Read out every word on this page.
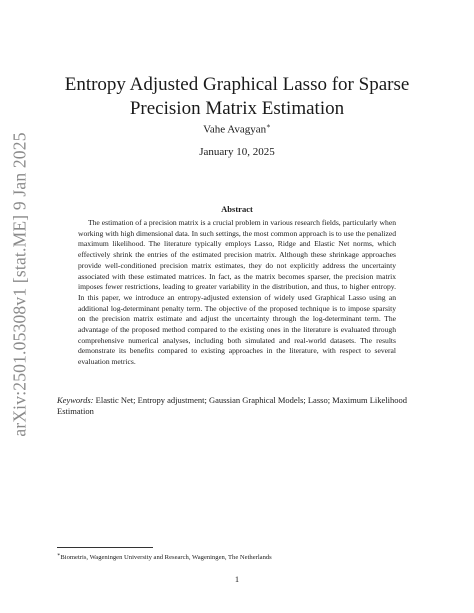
arXiv:2501.05308v1 [stat.ME] 9 Jan 2025
Entropy Adjusted Graphical Lasso for Sparse
Precision Matrix Estimation
Vahe Avagyan∗
January 10, 2025
Abstract

The estimation of a precision matrix is a crucial problem in various research fields, particularly when working with high dimensional data. In such settings, the most common approach is to use the penalized maximum likelihood. The literature typically employs Lasso, Ridge and Elastic Net norms, which effectively shrink the entries of the estimated precision matrix. Although these shrinkage approaches provide well-conditioned precision matrix estimates, they do not explicitly address the uncertainty associated with these estimated matrices. In fact, as the matrix becomes sparser, the precision matrix imposes fewer restrictions, leading to greater variability in the distribution, and thus, to higher entropy. In this paper, we introduce an entropy-adjusted extension of widely used Graphical Lasso using an additional log-determinant penalty term. The objective of the proposed technique is to impose sparsity on the precision matrix estimate and adjust the uncertainty through the log-determinant term. The advantage of the proposed method compared to the existing ones in the literature is evaluated through comprehensive numerical analyses, including both simulated and real-world datasets. The results demonstrate its benefits compared to existing approaches in the literature, with respect to several evaluation metrics.

Keywords: Elastic Net; Entropy adjustment; Gaussian Graphical Models; Lasso; Maximum Likelihood Estimation

∗Biometris, Wageningen University and Research, Wageningen, The Netherlands
1
